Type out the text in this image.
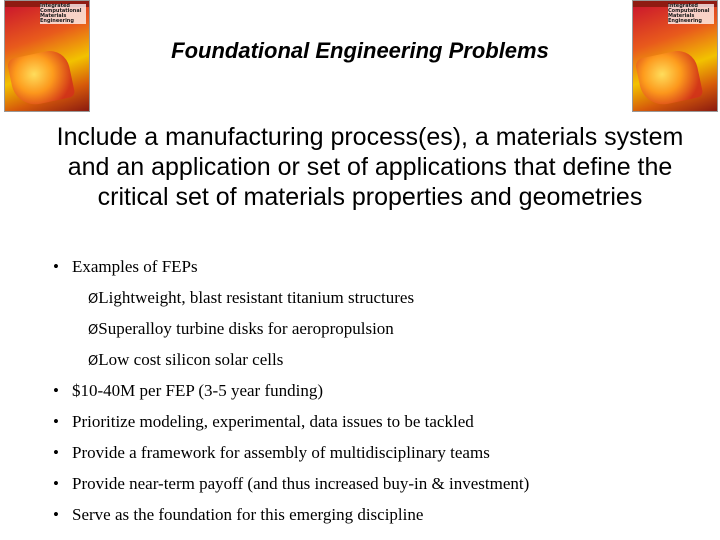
Integrated Computational Materials Engineering
Integrated Computational Materials Engineering
Foundational Engineering Problems
Include a manufacturing process(es), a materials system and an application or set of applications that define the critical set of materials properties and geometries
• Examples of FEPs
ØLightweight, blast resistant titanium structures
ØSuperalloy turbine disks for aeropropulsion
ØLow cost silicon solar cells
• $10-40M per FEP (3-5 year funding)
• Prioritize modeling, experimental, data issues to be tackled
• Provide a framework for assembly of multidisciplinary teams
• Provide near-term payoff (and thus increased buy-in & investment)
• Serve as the foundation for this emerging discipline
